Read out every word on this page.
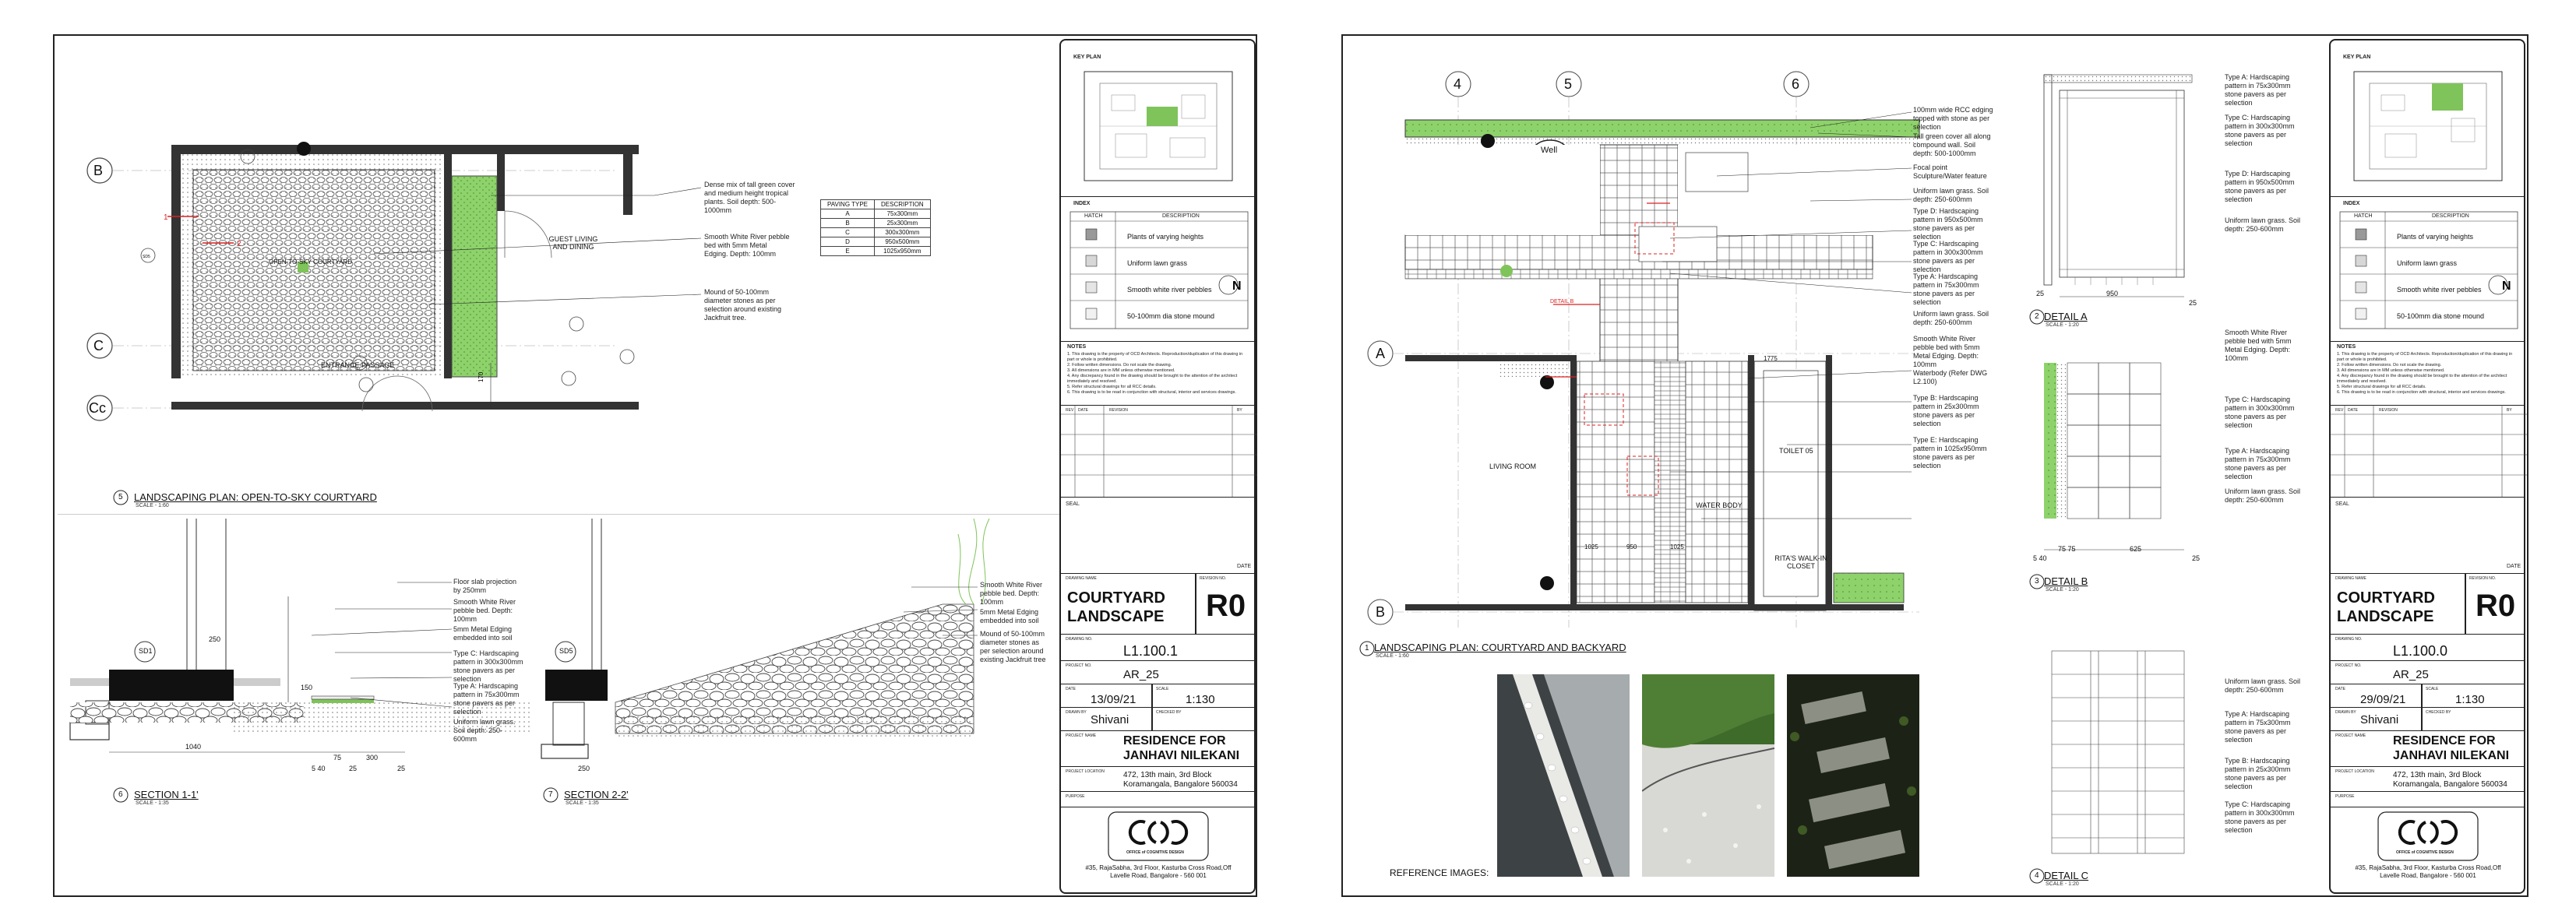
1
2
SD5
170
B
C
Cc
OPEN-TO-SKY COURTYARD
GUEST LIVING AND DINING
ENTRANCE PASSAGE
Dense mix of tall green cover and medium height tropical plants. Soil depth: 500-1000mm
Smooth White River pebble bed with 5mm Metal Edging. Depth: 100mm
Mound of 50-100mm diameter stones as per selection around existing Jackfruit tree.
PAVING TYPE	DESCRIPTION
A	75x300mm
B	25x300mm
C	300x300mm
D	950x500mm
E	1025x950mm
5 LANDSCAPING PLAN: OPEN-TO-SKY COURTYARD
SCALE - 1:60
SD1
250
1040
5 40
75
25
300
25
150
Floor slab projection by 250mm
Smooth White River pebble bed. Depth: 100mm
5mm Metal Edging embedded into soil
Type C: Hardscaping pattern in 300x300mm stone pavers as per selection
Type A: Hardscaping pattern in 75x300mm stone pavers as per selection
Uniform lawn grass. Soil depth: 250-600mm
6 SECTION 1-1'
SCALE - 1:35
SD5
250
Smooth White River pebble bed. Depth: 100mm
5mm Metal Edging embedded into soil
Mound of 50-100mm diameter stones as per selection around existing Jackfruit tree
7 SECTION 2-2'
SCALE - 1:35
KEY PLAN
INDEX
HATCH	DESCRIPTION
N
Plants of varying heights
Uniform lawn grass
Smooth white river pebbles
50-100mm dia stone mound
NOTES
1. This drawing is the property of OCD Architects. Reproduction/duplication of this drawing in part or whole is prohibited.
2. Follow written dimensions. Do not scale the drawing.
3. All dimensions are in MM unless otherwise mentioned.
4. Any discrepancy found in the drawing should be brought to the attention of the architect immediately and resolved.
5. Refer structural drawings for all RCC details.
6. This drawing is to be read in conjunction with structural, interior and services drawings.
REV DATE	REVISION	BY
SEAL
DATE
DRAWING NAME	REVISION NO.
COURTYARD LANDSCAPE	R0
DRAWING NO.
L1.100.1
PROJECT NO.
AR_25
DATE	SCALE
13/09/21	1:130
DRAWN BY	CHECKED BY
Shivani
PROJECT NAME RESIDENCE FOR JANHAVI NILEKANI
PROJECT LOCATION 472, 13th main, 3rd Block Koramangala, Bangalore 560034
PURPOSE
OFFICE of COGNITIVE DESIGN
#35, RajaSabha, 3rd Floor, Kasturba Cross Road,Off Lavelle Road, Bangalore - 560 001
4	5	6
A
B
Well
DETAIL B
LIVING ROOM
WATER BODY
TOILET 05
RITA'S WALK-IN CLOSET
1025	950	1025
1775
100mm wide RCC edging topped with stone as per selection
Tall green cover all along compound wall. Soil depth: 500-1000mm
Focal point Sculpture/Water feature
Uniform lawn grass. Soil depth: 250-600mm
Type D: Hardscaping pattern in 950x500mm stone pavers as per selection
Type C: Hardscaping pattern in 300x300mm stone pavers as per selection
Type A: Hardscaping pattern in 75x300mm stone pavers as per selection
Uniform lawn grass. Soil depth: 250-600mm
Smooth White River pebble bed with 5mm Metal Edging. Depth: 100mm
Waterbody (Refer DWG L2.100)
Type B: Hardscaping pattern in 25x300mm stone pavers as per selection
Type E: Hardscaping pattern in 1025x950mm stone pavers as per selection
1 LANDSCAPING PLAN: COURTYARD AND BACKYARD
SCALE - 1:60
REFERENCE IMAGES:
25	950
25
Type A: Hardscaping pattern in 75x300mm stone pavers as per selection
Type C: Hardscaping pattern in 300x300mm stone pavers as per selection
Type D: Hardscaping pattern in 950x500mm stone pavers as per selection
Uniform lawn grass. Soil depth: 250-600mm
2 DETAIL A
SCALE - 1:20
5 40
75 75	625
25
Smooth White River pebble bed with 5mm Metal Edging. Depth: 100mm
Type C: Hardscaping pattern in 300x300mm stone pavers as per selection
Type A: Hardscaping pattern in 75x300mm stone pavers as per selection
Uniform lawn grass. Soil depth: 250-600mm
3 DETAIL B
SCALE - 1:20
Uniform lawn grass. Soil depth: 250-600mm
Type A: Hardscaping pattern in 75x300mm stone pavers as per selection
Type B: Hardscaping pattern in 25x300mm stone pavers as per selection
Type C: Hardscaping pattern in 300x300mm stone pavers as per selection
4 DETAIL C
SCALE - 1:20
KEY PLAN
INDEX
HATCH	DESCRIPTION
N
Plants of varying heights
Uniform lawn grass
Smooth white river pebbles
50-100mm dia stone mound
NOTES
1. This drawing is the property of OCD Architects. Reproduction/duplication of this drawing in part or whole is prohibited.
2. Follow written dimensions. Do not scale the drawing.
3. All dimensions are in MM unless otherwise mentioned.
4. Any discrepancy found in the drawing should be brought to the attention of the architect immediately and resolved.
5. Refer structural drawings for all RCC details.
6. This drawing is to be read in conjunction with structural, interior and services drawings.
REV DATE	REVISION	BY
SEAL
DATE
DRAWING NAME	REVISION NO.
COURTYARD LANDSCAPE	R0
DRAWING NO.
L1.100.0
PROJECT NO.
AR_25
DATE	SCALE
29/09/21	1:130
DRAWN BY	CHECKED BY
Shivani
PROJECT NAME RESIDENCE FOR JANHAVI NILEKANI
PROJECT LOCATION 472, 13th main, 3rd Block Koramangala, Bangalore 560034
PURPOSE
OFFICE of COGNITIVE DESIGN
#35, RajaSabha, 3rd Floor, Kasturba Cross Road,Off Lavelle Road, Bangalore - 560 001
